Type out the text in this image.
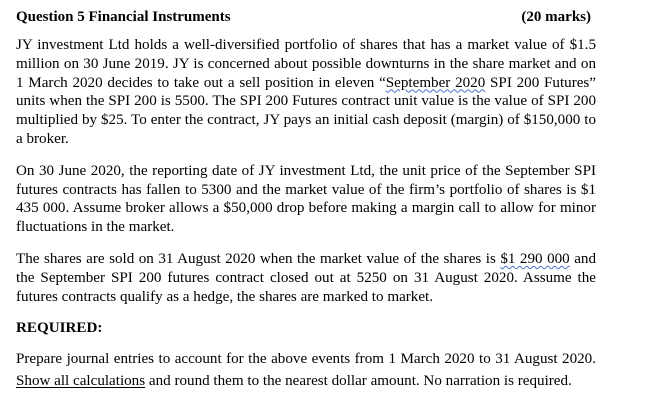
Question 5 Financial Instruments	(20 marks)

JY investment Ltd holds a well-diversified portfolio of shares that has a market value of $1.5 million on 30 June 2019. JY is concerned about possible downturns in the share market and on 1 March 2020 decides to take out a sell position in eleven “September 2020 SPI 200 Futures” units when the SPI 200 is 5500. The SPI 200 Futures contract unit value is the value of SPI 200 multiplied by $25. To enter the contract, JY pays an initial cash deposit (margin) of $150,000 to a broker.

On 30 June 2020, the reporting date of JY investment Ltd, the unit price of the September SPI futures contracts has fallen to 5300 and the market value of the firm’s portfolio of shares is $1 435 000. Assume broker allows a $50,000 drop before making a margin call to allow for minor fluctuations in the market.

The shares are sold on 31 August 2020 when the market value of the shares is $1 290 000 and the September SPI 200 futures contract closed out at 5250 on 31 August 2020. Assume the futures contracts qualify as a hedge, the shares are marked to market.

REQUIRED:

Prepare journal entries to account for the above events from 1 March 2020 to 31 August 2020. Show all calculations and round them to the nearest dollar amount. No narration is required.
